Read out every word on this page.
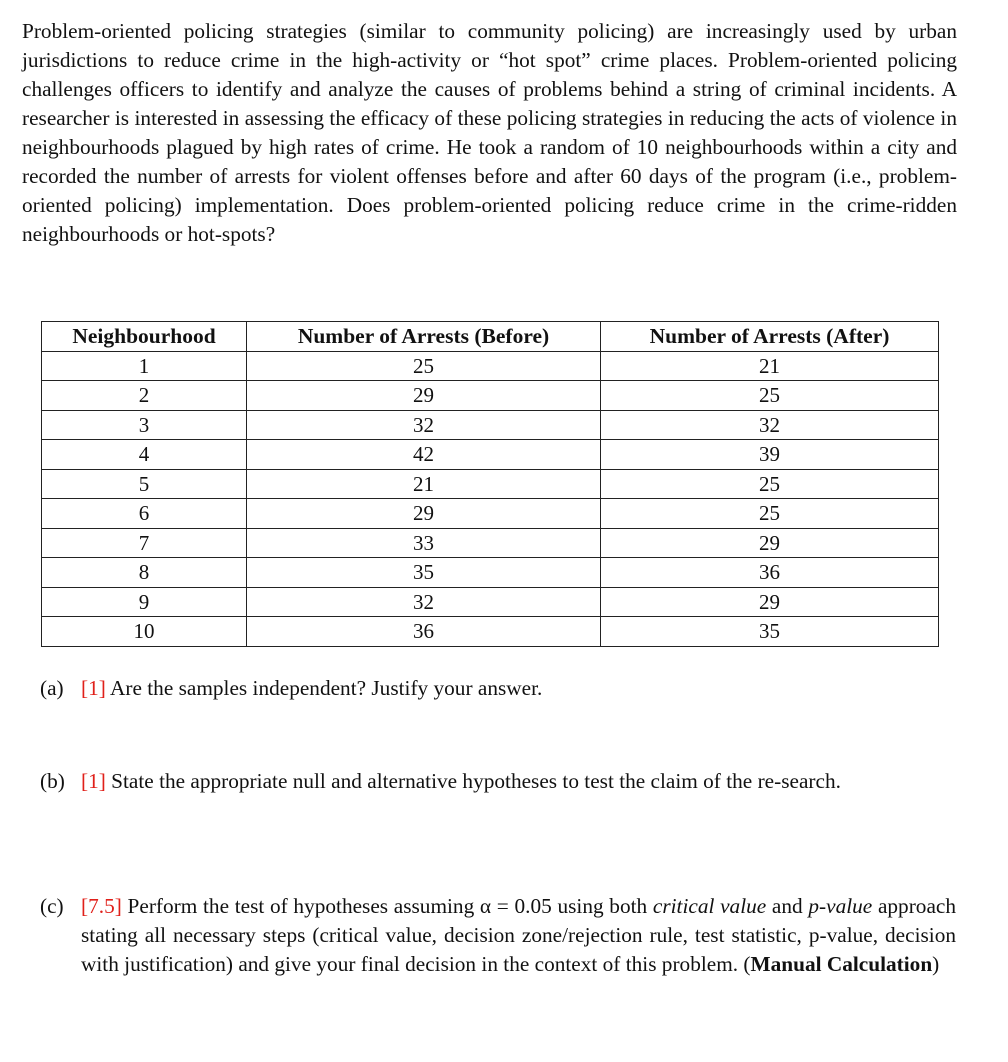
Problem-oriented policing strategies (similar to community policing) are increasingly used by urban jurisdictions to reduce crime in the high-activity or “hot spot” crime places. Problem-oriented policing challenges officers to identify and analyze the causes of problems behind a string of criminal incidents. A researcher is interested in assessing the efficacy of these policing strategies in reducing the acts of violence in neighbourhoods plagued by high rates of crime. He took a random of 10 neighbourhoods within a city and recorded the number of arrests for violent offenses before and after 60 days of the program (i.e., problem-oriented policing) implementation. Does problem-oriented policing reduce crime in the crime-ridden neighbourhoods or hot-spots?

Neighbourhood	Number of Arrests (Before)	Number of Arrests (After)
1	25	21
2	29	25
3	32	32
4	42	39
5	21	25
6	29	25
7	33	29
8	35	36
9	32	29
10	36	35
(a) [1] Are the samples independent? Justify your answer.
(b) [1] State the appropriate null and alternative hypotheses to test the claim of the re-search.
(c) [7.5] Perform the test of hypotheses assuming α = 0.05 using both critical value and p-value approach stating all necessary steps (critical value, decision zone/rejection rule, test statistic, p-value, decision with justification) and give your final decision in the context of this problem. (Manual Calculation)
